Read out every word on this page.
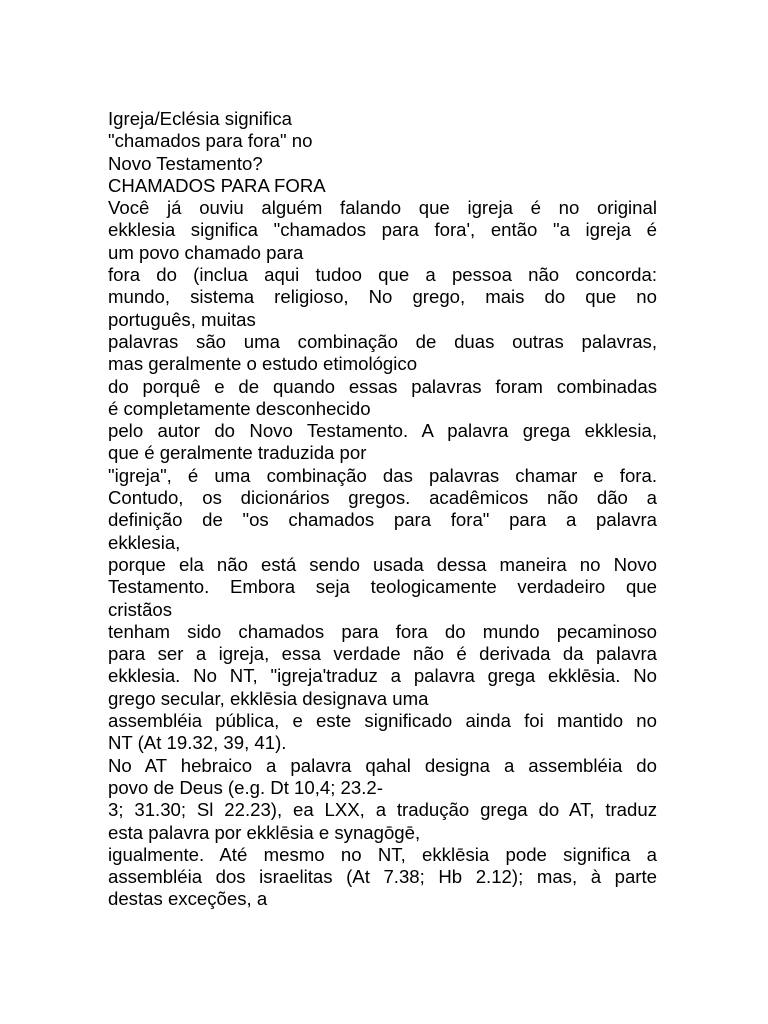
Igreja/Eclésia significa
"chamados para fora" no
Novo Testamento?
CHAMADOS PARA FORA
Você já ouviu alguém falando que igreja é no original
ekklesia significa "chamados para fora', então "a igreja é
um povo chamado para
fora do (inclua aqui tudoo que a pessoa não concorda:
mundo, sistema religioso, No grego, mais do que no
português, muitas
palavras são uma combinação de duas outras palavras,
mas geralmente o estudo etimológico
do porquê e de quando essas palavras foram combinadas
é completamente desconhecido
pelo autor do Novo Testamento. A palavra grega ekklesia,
que é geralmente traduzida por
"igreja", é uma combinação das palavras chamar e fora.
Contudo, os dicionários gregos. acadêmicos não dão a
definição de "os chamados para fora" para a palavra
ekklesia,
porque ela não está sendo usada dessa maneira no Novo
Testamento. Embora seja teologicamente verdadeiro que
cristãos
tenham sido chamados para fora do mundo pecaminoso
para ser a igreja, essa verdade não é derivada da palavra
ekklesia. No NT, "igreja'traduz a palavra grega ekklēsia. No
grego secular, ekklēsia designava uma
assembléia pública, e este significado ainda foi mantido no
NT (At 19.32, 39, 41).
No AT hebraico a palavra qahal designa a assembléia do
povo de Deus (e.g. Dt 10,4; 23.2-
3; 31.30; Sl 22.23), ea LXX, a tradução grega do AT, traduz
esta palavra por ekklēsia e synagōgē,
igualmente. Até mesmo no NT, ekklēsia pode significa a
assembléia dos israelitas (At 7.38; Hb 2.12); mas, à parte
destas exceções, a
